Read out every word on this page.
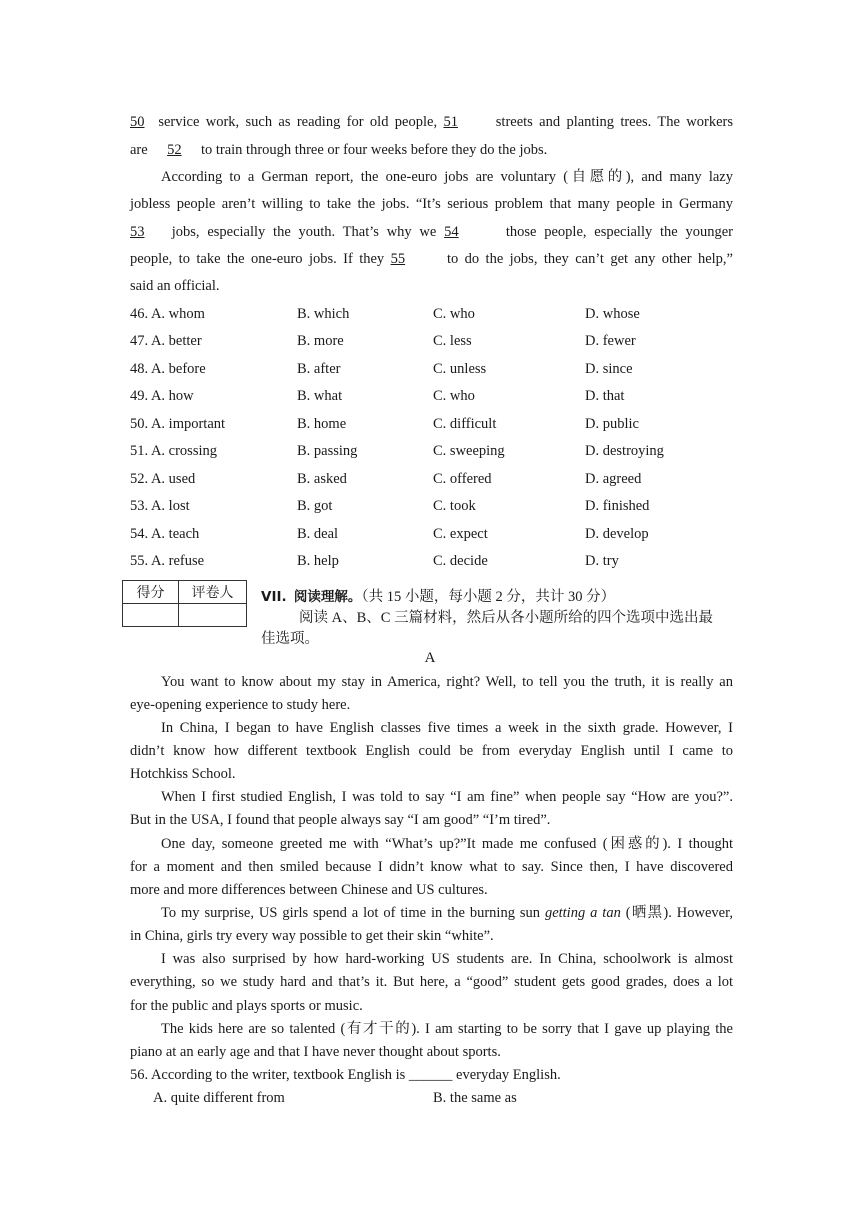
50 service work, such as reading for old people, 51 streets and planting trees. The workers
are 52 to train through three or four weeks before they do the jobs.
According to a German report, the one-euro jobs are voluntary (自愿的), and many lazy
jobless people aren’t willing to take the jobs. “It’s serious problem that many people in Germany
53 jobs, especially the youth. That’s why we 54	those people, especially the younger
people, to take the one-euro jobs. If they 55 to do the jobs, they can’t get any other help,”
said an official.
46. A. whom	B. which	C. who	D. whose
47. A. better	B. more	C. less	D. fewer
48. A. before	B. after	C. unless	D. since
49. A. how	B. what	C. who	D. that
50. A. important	B. home	C. difficult	D. public
51. A. crossing	B. passing	C. sweeping	D. destroying
52. A. used	B. asked	C. offered	D. agreed
53. A. lost	B. got	C. took	D. finished
54. A. teach	B. deal	C. expect	D. develop
55. A. refuse	B. help	C. decide	D. try
得分	评卷人
	VII. 阅读理解。（共 15 小题，每小题 2 分，共计 30 分）
阅读 A、B、C 三篇材料，然后从各小题所给的四个选项中选出最
佳选项。
A
You want to know about my stay in America, right? Well, to tell you the truth, it is really an
eye-opening experience to study here.
In China, I began to have English classes five times a week in the sixth grade. However, I
didn’t know how different textbook English could be from everyday English until I came to
Hotchkiss School.
When I first studied English, I was told to say “I am fine” when people say “How are you?”.
But in the USA, I found that people always say “I am good” “I’m tired”.
One day, someone greeted me with “What’s up?”It made me confused (困惑的). I thought
for a moment and then smiled because I didn’t know what to say. Since then, I have discovered
more and more differences between Chinese and US cultures.
To my surprise, US girls spend a lot of time in the burning sun getting a tan (晒黑). However,
in China, girls try every way possible to get their skin “white”.
I was also surprised by how hard-working US students are. In China, schoolwork is almost
everything, so we study hard and that’s it. But here, a “good” student gets good grades, does a lot
for the public and plays sports or music.
The kids here are so talented (有才干的). I am starting to be sorry that I gave up playing the
piano at an early age and that I have never thought about sports.
56. According to the writer, textbook English is ______ everyday English.
A. quite different from	B. the same as
